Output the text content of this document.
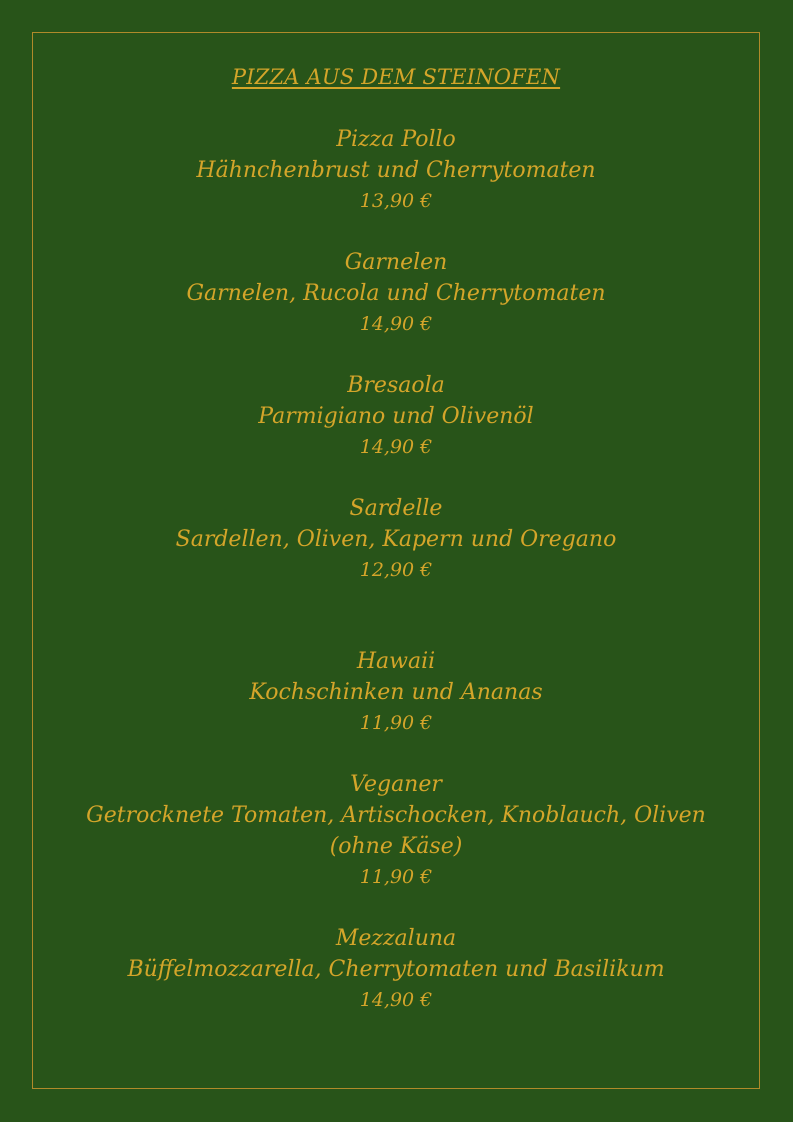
PIZZA AUS DEM STEINOFEN
Pizza Pollo
Hähnchenbrust und Cherrytomaten
13,90 €
Garnelen
Garnelen, Rucola und Cherrytomaten
14,90 €
Bresaola
Parmigiano und Olivenöl
14,90 €
Sardelle
Sardellen, Oliven, Kapern und Oregano
12,90 €
Hawaii
Kochschinken und Ananas
11,90 €
Veganer
Getrocknete Tomaten, Artischocken, Knoblauch, Oliven
(ohne Käse)
11,90 €
Mezzaluna
Büffelmozzarella, Cherrytomaten und Basilikum
14,90 €
